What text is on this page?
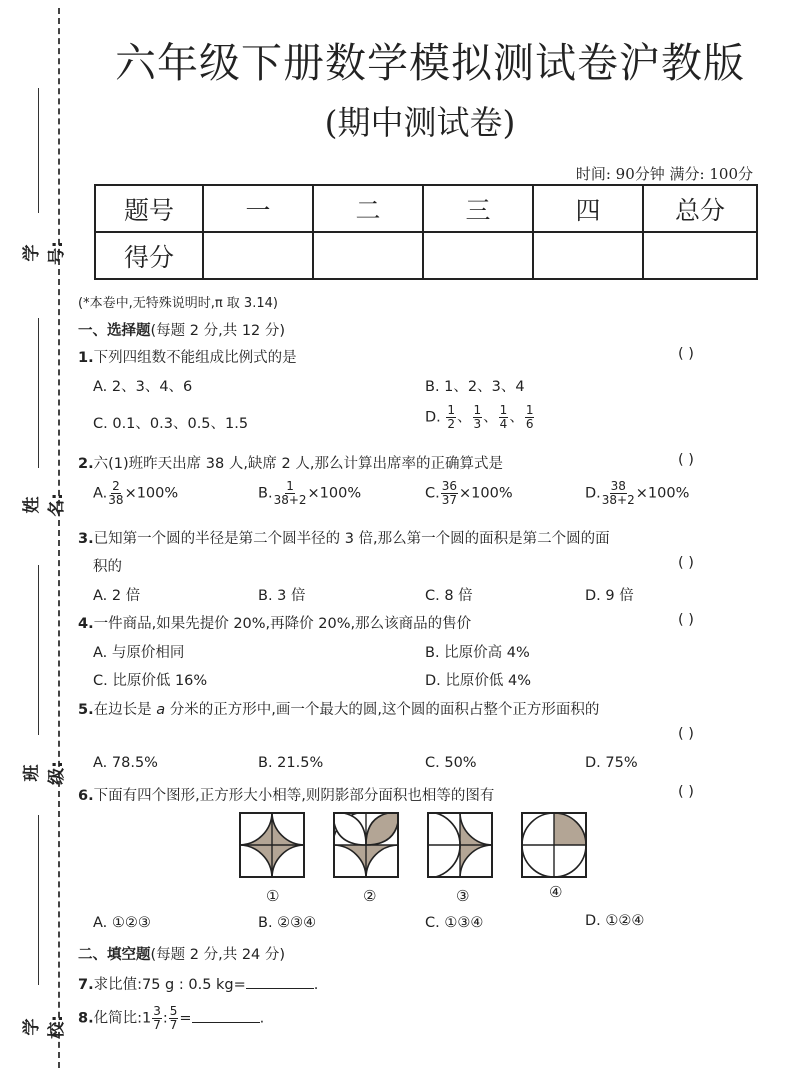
学号:
姓名:
班级:
学校:
六年级下册数学模拟测试卷沪教版
(期中测试卷)
时间: 90分钟 满分: 100分
题号	一	二	三	四	总分
得分					
(*本卷中,无特殊说明时,π 取 3.14)
一、选择题(每题 2 分,共 12 分)
1.下列四组数不能组成比例式的是	( )
A. 2、3、4、6	B. 1、2、3、4
C. 0.1、0.3、0.5、1.5	D. $\frac{1}{2}$ 、 $\frac{1}{3}$ 、 $\frac{1}{4}$ 、 $\frac{1}{6}$
2.六(1)班昨天出席 38 人,缺席 2 人,那么计算出席率的正确算式是	( )
A. $\frac{2}{38} \times 100\%$	B. $\frac{1}{38+2} \times 100\%$	C. $\frac{36}{37} \times 100\%$	D. $\frac{38}{38+2} \times 100\%$
3.已知第一个圆的半径是第二个圆半径的 3 倍,那么第一个圆的面积是第二个圆的面
积的	( )
A. 2 倍	B. 3 倍	C. 8 倍	D. 9 倍
4.一件商品,如果先提价 20%,再降价 20%,那么该商品的售价	( )
A. 与原价相同	B. 比原价高 4%
C. 比原价低 16%	D. 比原价低 4%
5.在边长是 a 分米的正方形中,画一个最大的圆,这个圆的面积占整个正方形面积的
( )
A. 78.5%	B. 21.5%	C. 50%	D. 75%
6.下面有四个图形,正方形大小相等,则阴影部分面积也相等的图有	( )
①	②	③	④
A. ①②③	B. ②③④	C. ①③④	D. ①②④
二、填空题(每题 2 分,共 24 分)
7.求比值:75 g : 0.5 kg=	.
8.化简比:1 $\frac{3}{7}$ : $\frac{5}{7}$ =	.
